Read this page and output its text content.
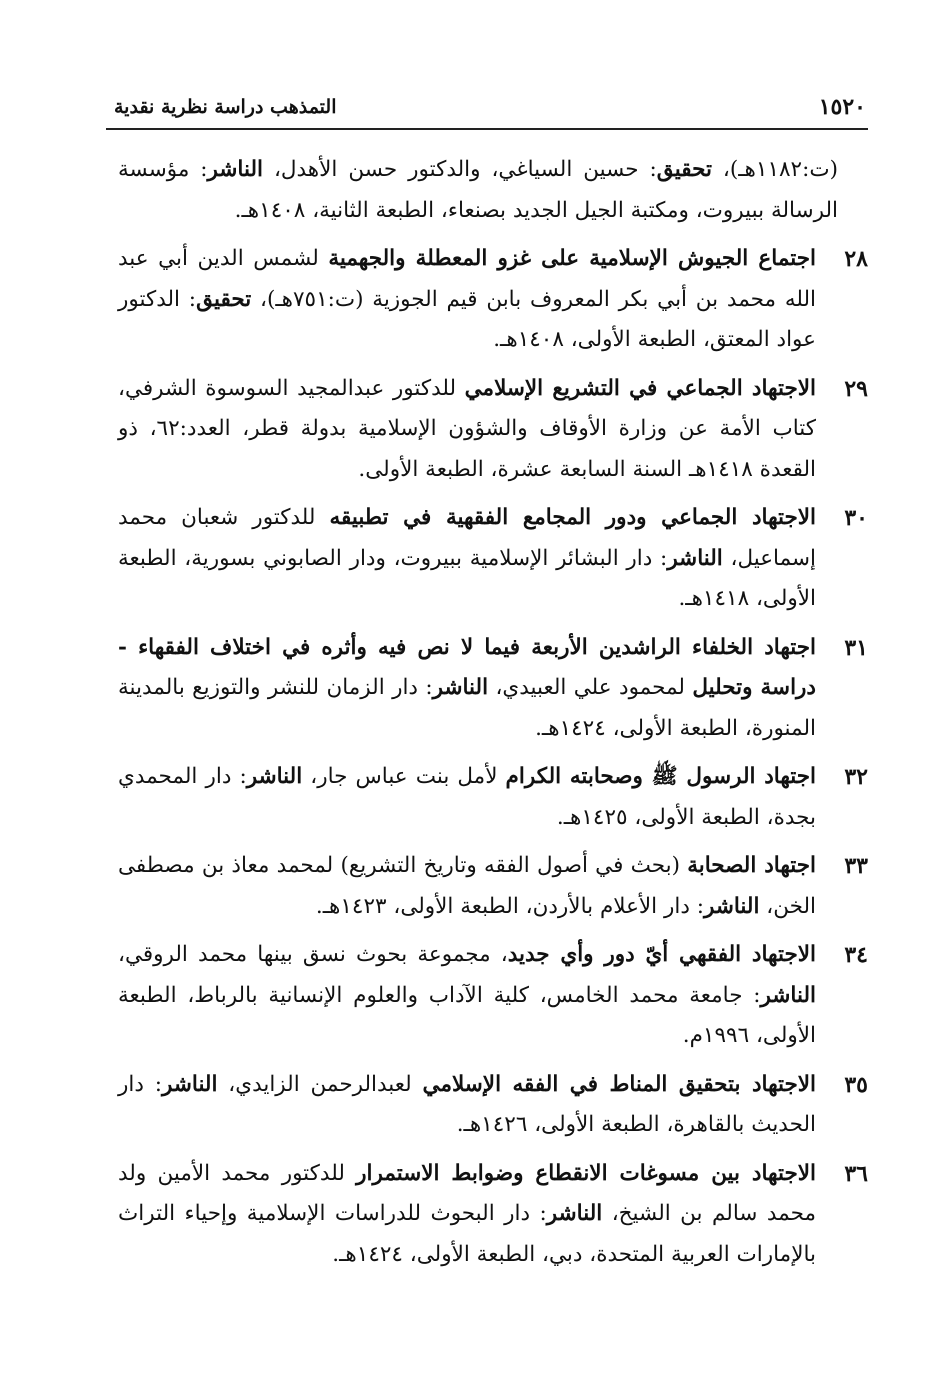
١٥٢٠
التمذهب دراسة نظرية نقدية
(ت:١١٨٢هـ)، تحقيق: حسين السياغي، والدكتور حسن الأهدل، الناشر: مؤسسة الرسالة ببيروت، ومكتبة الجيل الجديد بصنعاء، الطبعة الثانية، ١٤٠٨هـ.
٢٨
اجتماع الجيوش الإسلامية على غزو المعطلة والجهمية لشمس الدين أبي عبد الله محمد بن أبي بكر المعروف بابن قيم الجوزية (ت:٧٥١هـ)، تحقيق: الدكتور عواد المعتق، الطبعة الأولى، ١٤٠٨هـ.
٢٩
الاجتهاد الجماعي في التشريع الإسلامي للدكتور عبدالمجيد السوسوة الشرفي، كتاب الأمة عن وزارة الأوقاف والشؤون الإسلامية بدولة قطر، العدد:٦٢، ذو القعدة ١٤١٨هـ السنة السابعة عشرة، الطبعة الأولى.
٣٠
الاجتهاد الجماعي ودور المجامع الفقهية في تطبيقه للدكتور شعبان محمد إسماعيل، الناشر: دار البشائر الإسلامية ببيروت، ودار الصابوني بسورية، الطبعة الأولى، ١٤١٨هـ.
٣١
اجتهاد الخلفاء الراشدين الأربعة فيما لا نص فيه وأثره في اختلاف الفقهاء - دراسة وتحليل لمحمود علي العبيدي، الناشر: دار الزمان للنشر والتوزيع بالمدينة المنورة، الطبعة الأولى، ١٤٢٤هـ.
٣٢
اجتهاد الرسول ﷺ وصحابته الكرام لأمل بنت عباس جار، الناشر: دار المحمدي بجدة، الطبعة الأولى، ١٤٢٥هـ.
٣٣
اجتهاد الصحابة (بحث في أصول الفقه وتاريخ التشريع) لمحمد معاذ بن مصطفى الخن، الناشر: دار الأعلام بالأردن، الطبعة الأولى، ١٤٢٣هـ.
٣٤
الاجتهاد الفقهي أيّ دور وأي جديد، مجموعة بحوث نسق بينها محمد الروقي، الناشر: جامعة محمد الخامس، كلية الآداب والعلوم الإنسانية بالرباط، الطبعة الأولى، ١٩٩٦م.
٣٥
الاجتهاد بتحقيق المناط في الفقه الإسلامي لعبدالرحمن الزايدي، الناشر: دار الحديث بالقاهرة، الطبعة الأولى، ١٤٢٦هـ.
٣٦
الاجتهاد بين مسوغات الانقطاع وضوابط الاستمرار للدكتور محمد الأمين ولد محمد سالم بن الشيخ، الناشر: دار البحوث للدراسات الإسلامية وإحياء التراث بالإمارات العربية المتحدة، دبي، الطبعة الأولى، ١٤٢٤هـ.
